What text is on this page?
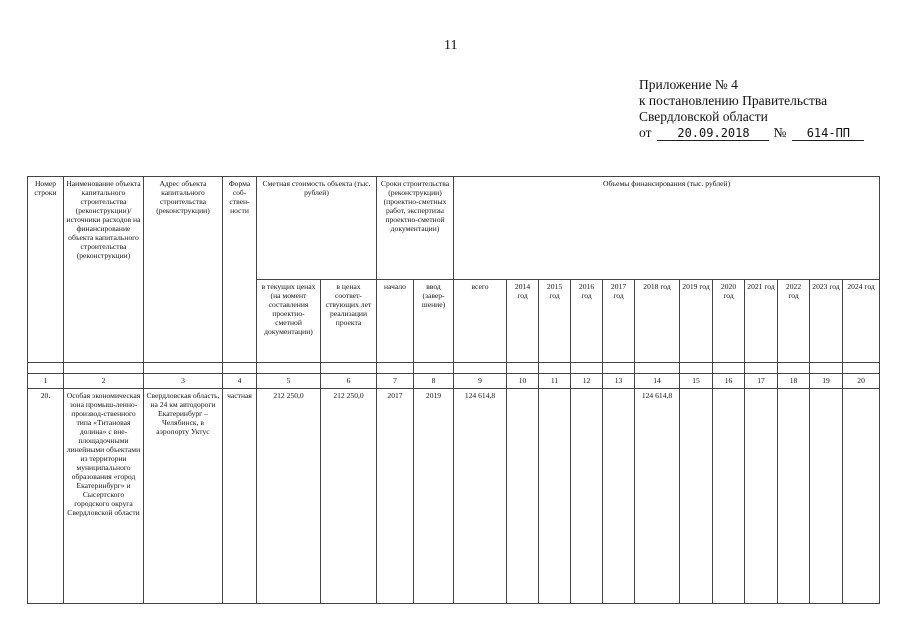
11
Приложение № 4
к постановлению Правительства
Свердловской области
от 20.09.2018 № 614-ПП
Номер строки	Наименование объекта капитального строительства (реконструкции)/ источники расходов на финансирование объекта капитального строительства (реконструкции)	Адрес объекта капитального строительства (реконструкции)	Форма соб-ствен-ности	Сметная стоимость объекта (тыс. рублей)		Сроки строительства (реконструкции) (проектно-сметных работ, экспертизы проектно-сметной документации)		Объемы финансирования (тыс. рублей)											
				в текущих ценах (на момент составления проектно-сметной документации)	в ценах соответ-ствующих лет реализации проекта	начало	ввод (завер-шение)	всего	2014 год	2015 год	2016 год	2017 год	2018 год	2019 год	2020 год	2021 год	2022 год	2023 год	2024 год

1	2	3	4	5	6	7	8	9	10	11	12	13	14	15	16	17	18	19	20
20.	Особая экономическая зона промыш-ленно-производ-ственного типа «Титановая долина» с вне-площадочными линейными объектами из территории муниципального образования «город Екатеринбург» и Сысертского городского округа Свердловской области	Свердловская область, на 24 км автодороги Екатеринбург – Челябинск, в аэропорту Уктус	частная	212 250,0	212 250,0	2017	2019	124 614,8					124 614,8						
